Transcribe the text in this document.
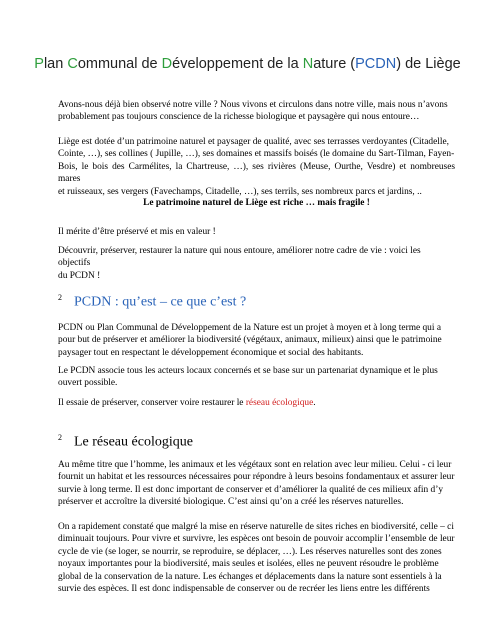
Plan Communal de Développement de la Nature (PCDN) de Liège
Avons-nous déjà bien observé notre ville ? Nous vivons et circulons dans notre ville, mais nous n’avons
probablement pas toujours conscience de la richesse biologique et paysagère qui nous entoure…
Liège est dotée d’un patrimoine naturel et paysager de qualité, avec ses terrasses verdoyantes (Citadelle,
Cointe, …), ses collines ( Jupille, …), ses domaines et massifs boisés (le domaine du Sart-Tilman, Fayen-
Bois, le bois des Carmélites, la Chartreuse, …), ses rivières (Meuse, Ourthe, Vesdre) et nombreuses mares
et ruisseaux, ses vergers (Favechamps, Citadelle, …), ses terrils, ses nombreux parcs et jardins, ..
Le patrimoine naturel de Liège est riche … mais fragile !
Il mérite d’être préservé et mis en valeur !
Découvrir, préserver, restaurer la nature qui nous entoure, améliorer notre cadre de vie : voici les objectifs
du PCDN !
$^2$ PCDN : qu’est – ce que c’est ?
PCDN ou Plan Communal de Développement de la Nature est un projet à moyen et à long terme qui a
pour but de préserver et améliorer la biodiversité (végétaux, animaux, milieux) ainsi que le patrimoine
paysager tout en respectant le développement économique et social des habitants.
Le PCDN associe tous les acteurs locaux concernés et se base sur un partenariat dynamique et le plus
ouvert possible.
Il essaie de préserver, conserver voire restaurer le réseau écologique.
$^2$ Le réseau écologique
Au même titre que l’homme, les animaux et les végétaux sont en relation avec leur milieu. Celui - ci leur
fournit un habitat et les ressources nécessaires pour répondre à leurs besoins fondamentaux et assurer leur
survie à long terme. Il est donc important de conserver et d’améliorer la qualité de ces milieux afin d’y
préserver et accroître la diversité biologique. C’est ainsi qu’on a créé les réserves naturelles.
On a rapidement constaté que malgré la mise en réserve naturelle de sites riches en biodiversité, celle – ci
diminuait toujours. Pour vivre et survivre, les espèces ont besoin de pouvoir accomplir l’ensemble de leur
cycle de vie (se loger, se nourrir, se reproduire, se déplacer, …). Les réserves naturelles sont des zones
noyaux importantes pour la biodiversité, mais seules et isolées, elles ne peuvent résoudre le problème
global de la conservation de la nature. Les échanges et déplacements dans la nature sont essentiels à la
survie des espèces. Il est donc indispensable de conserver ou de recréer les liens entre les différents
